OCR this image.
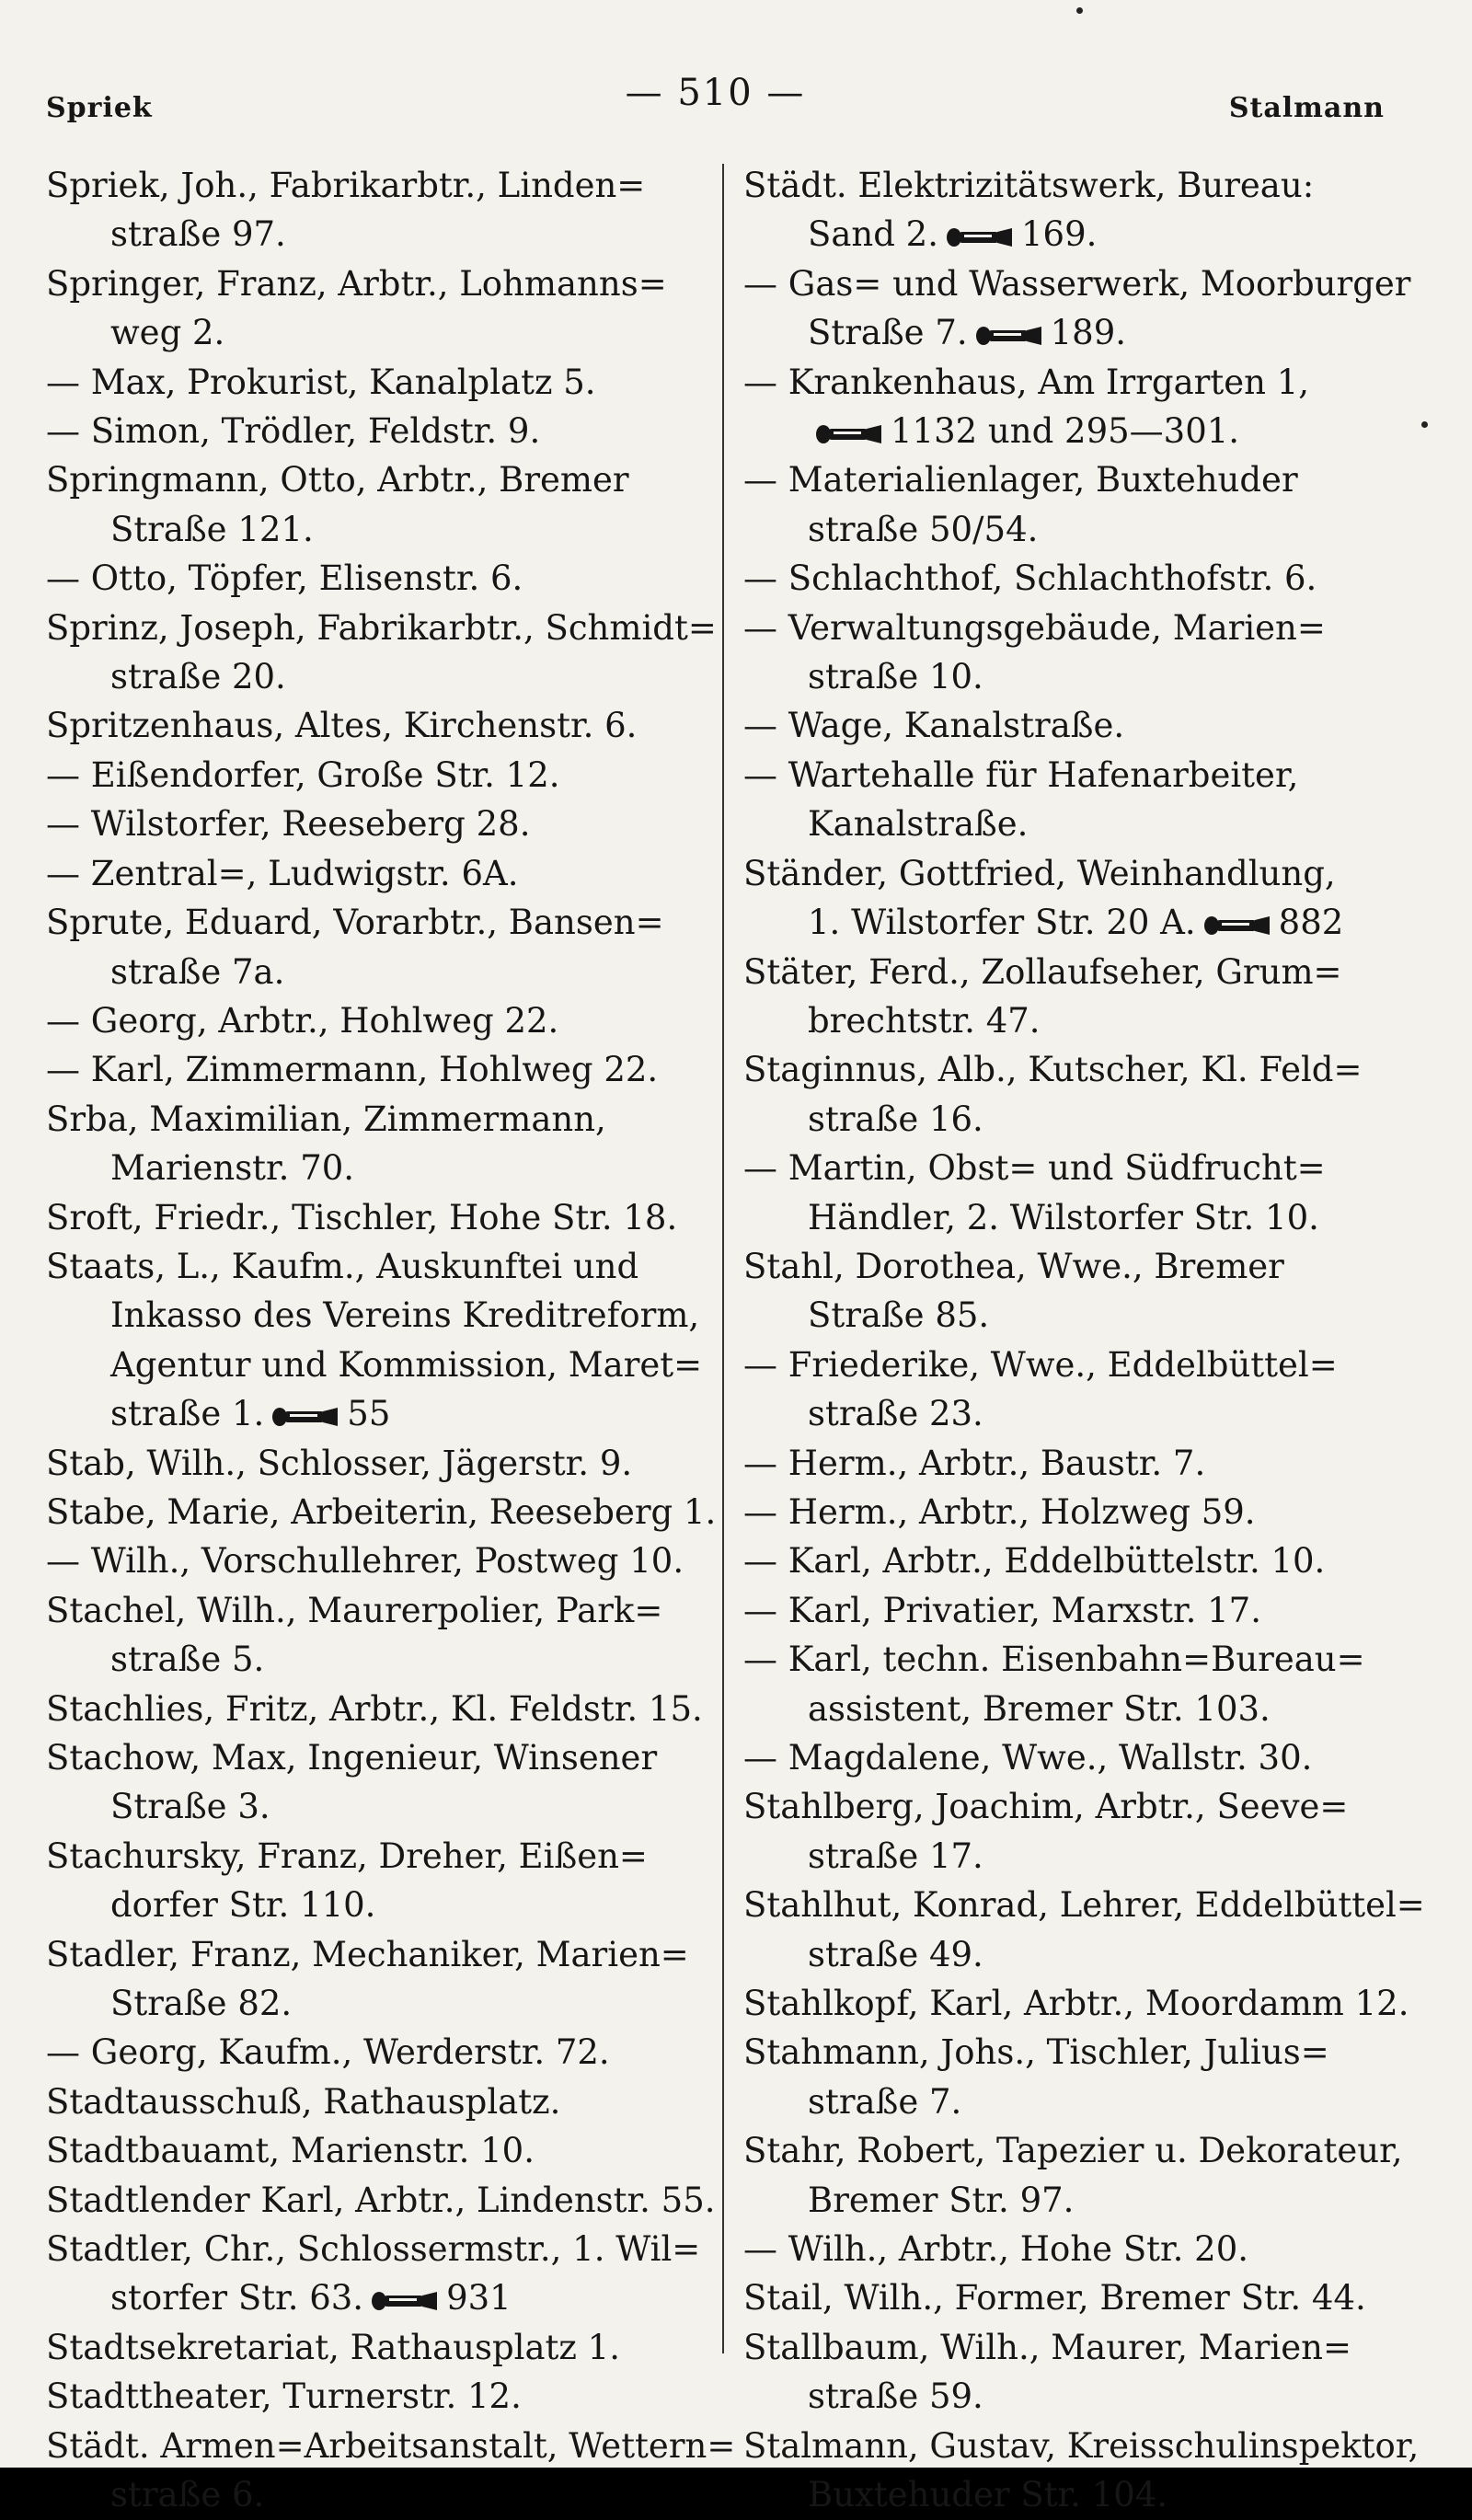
Spriek	— 510 —	Stalmann
Spriek, Joh., Fabrikarbtr., Linden=
straße 97.
Springer, Franz, Arbtr., Lohmanns=
weg 2.
— Max, Prokurist, Kanalplatz 5.
— Simon, Trödler, Feldstr. 9.
Springmann, Otto, Arbtr., Bremer
Straße 121.
— Otto, Töpfer, Elisenstr. 6.
Sprinz, Joseph, Fabrikarbtr., Schmidt=
straße 20.
Spritzenhaus, Altes, Kirchenstr. 6.
— Eißendorfer, Große Str. 12.
— Wilstorfer, Reeseberg 28.
— Zentral=, Ludwigstr. 6A.
Sprute, Eduard, Vorarbtr., Bansen=
straße 7a.
— Georg, Arbtr., Hohlweg 22.
— Karl, Zimmermann, Hohlweg 22.
Srba, Maximilian, Zimmermann,
Marienstr. 70.
Sroft, Friedr., Tischler, Hohe Str. 18.
Staats, L., Kaufm., Auskunftei und
Inkasso des Vereins Kreditreform,
Agentur und Kommission, Maret=
straße 1. 55
Stab, Wilh., Schlosser, Jägerstr. 9.
Stabe, Marie, Arbeiterin, Reeseberg 1.
— Wilh., Vorschullehrer, Postweg 10.
Stachel, Wilh., Maurerpolier, Park=
straße 5.
Stachlies, Fritz, Arbtr., Kl. Feldstr. 15.
Stachow, Max, Ingenieur, Winsener
Straße 3.
Stachursky, Franz, Dreher, Eißen=
dorfer Str. 110.
Stadler, Franz, Mechaniker, Marien=
Straße 82.
— Georg, Kaufm., Werderstr. 72.
Stadtausschuß, Rathausplatz.
Stadtbauamt, Marienstr. 10.
Stadtlender Karl, Arbtr., Lindenstr. 55.
Stadtler, Chr., Schlossermstr., 1. Wil=
storfer Str. 63. 931
Stadtsekretariat, Rathausplatz 1.
Stadttheater, Turnerstr. 12.
Städt. Armen=Arbeitsanstalt, Wettern=
straße 6.
Städt. Elektrizitätswerk, Bureau:
Sand 2. 169.
— Gas= und Wasserwerk, Moorburger
Straße 7. 189.
— Krankenhaus, Am Irrgarten 1,

1132 und 295—301.
— Materialienlager, Buxtehuder
straße 50/54.
— Schlachthof, Schlachthofstr. 6.
— Verwaltungsgebäude, Marien=
straße 10.
— Wage, Kanalstraße.
— Wartehalle für Hafenarbeiter,
Kanalstraße.
Ständer, Gottfried, Weinhandlung,
1. Wilstorfer Str. 20 A. 882
Stäter, Ferd., Zollaufseher, Grum=
brechtstr. 47.
Staginnus, Alb., Kutscher, Kl. Feld=
straße 16.
— Martin, Obst= und Südfrucht=
Händler, 2. Wilstorfer Str. 10.
Stahl, Dorothea, Wwe., Bremer
Straße 85.
— Friederike, Wwe., Eddelbüttel=
straße 23.
— Herm., Arbtr., Baustr. 7.
— Herm., Arbtr., Holzweg 59.
— Karl, Arbtr., Eddelbüttelstr. 10.
— Karl, Privatier, Marxstr. 17.
— Karl, techn. Eisenbahn=Bureau=
assistent, Bremer Str. 103.
— Magdalene, Wwe., Wallstr. 30.
Stahlberg, Joachim, Arbtr., Seeve=
straße 17.
Stahlhut, Konrad, Lehrer, Eddelbüttel=
straße 49.
Stahlkopf, Karl, Arbtr., Moordamm 12.
Stahmann, Johs., Tischler, Julius=
straße 7.
Stahr, Robert, Tapezier u. Dekorateur,
Bremer Str. 97.
— Wilh., Arbtr., Hohe Str. 20.
Stail, Wilh., Former, Bremer Str. 44.
Stallbaum, Wilh., Maurer, Marien=
straße 59.
Stalmann, Gustav, Kreisschulinspektor,
Buxtehuder Str. 104.
